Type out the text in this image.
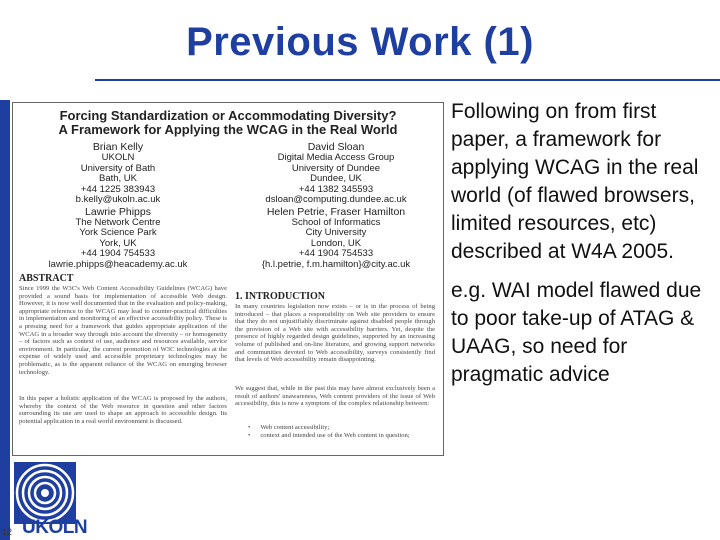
Previous Work (1)
Forcing Standardization or Accommodating Diversity?
A Framework for Applying the WCAG in the Real World
Brian Kelly
UKOLN
University of Bath
Bath, UK
+44 1225 383943
b.kelly@ukoln.ac.uk
Lawrie Phipps
The Network Centre
York Science Park
York, UK
+44 1904 754533
lawrie.phipps@heacademy.ac.uk
David Sloan
Digital Media Access Group
University of Dundee
Dundee, UK
+44 1382 345593
dsloan@computing.dundee.ac.uk
Helen Petrie, Fraser Hamilton
School of Informatics
City University
London, UK
+44 1904 754533
{h.l.petrie, f.m.hamilton}@city.ac.uk
ABSTRACT
Since 1999 the W3C's Web Content Accessibility Guidelines (WCAG) have provided a sound basis for implementation of accessible Web design. However, it is now well documented that in the evaluation and policy-making, appropriate reference to the WCAG may lead to counter-practical difficulties in implementation and monitoring of an effective accessibility policy. These is a pressing need for a framework that guides appropriate application of the WCAG in a broader way through into account the diversity – or homogeneity – of factors such as context of use, audience and resources available, service environment. In particular, the current promotion of W3C technologies at the expense of widely used and accessible proprietary technologies may be problematic, as is the apparent reliance of the WCAG on emerging browser technology.
In this paper a holistic application of the WCAG is proposed by the authors, whereby the context of the Web resource in question and other factors surrounding its use are used to shape an approach to accessible design. Its potential application in a real world environment is discussed.
1. INTRODUCTION
In many countries legislation now exists – or is in the process of being introduced – that places a responsibility on Web site providers to ensure that they do not unjustifiably discriminate against disabled people through the provision of a Web site with accessibility barriers. Yet, despite the presence of highly regarded design guidelines, supported by an increasing volume of published and on-line literature, and growing support networks and communities devoted to Web accessibility, surveys consistently find that levels of Web accessibility remain disappointing.
We suggest that, while in the past this may have almost exclusively been a result of authors' unawareness, Web content providers of the issue of Web accessibility, this is now a symptom of the complex relationship between:
• Web content accessibility;
• context and intended use of the Web content in question;

Following on from first paper, a framework for applying WCAG in the real world (of flawed browsers, limited resources, etc) described at W4A 2005.

e.g. WAI model flawed due to poor take-up of ATAG & UAAG, so need for pragmatic advice

12 UKOLN
